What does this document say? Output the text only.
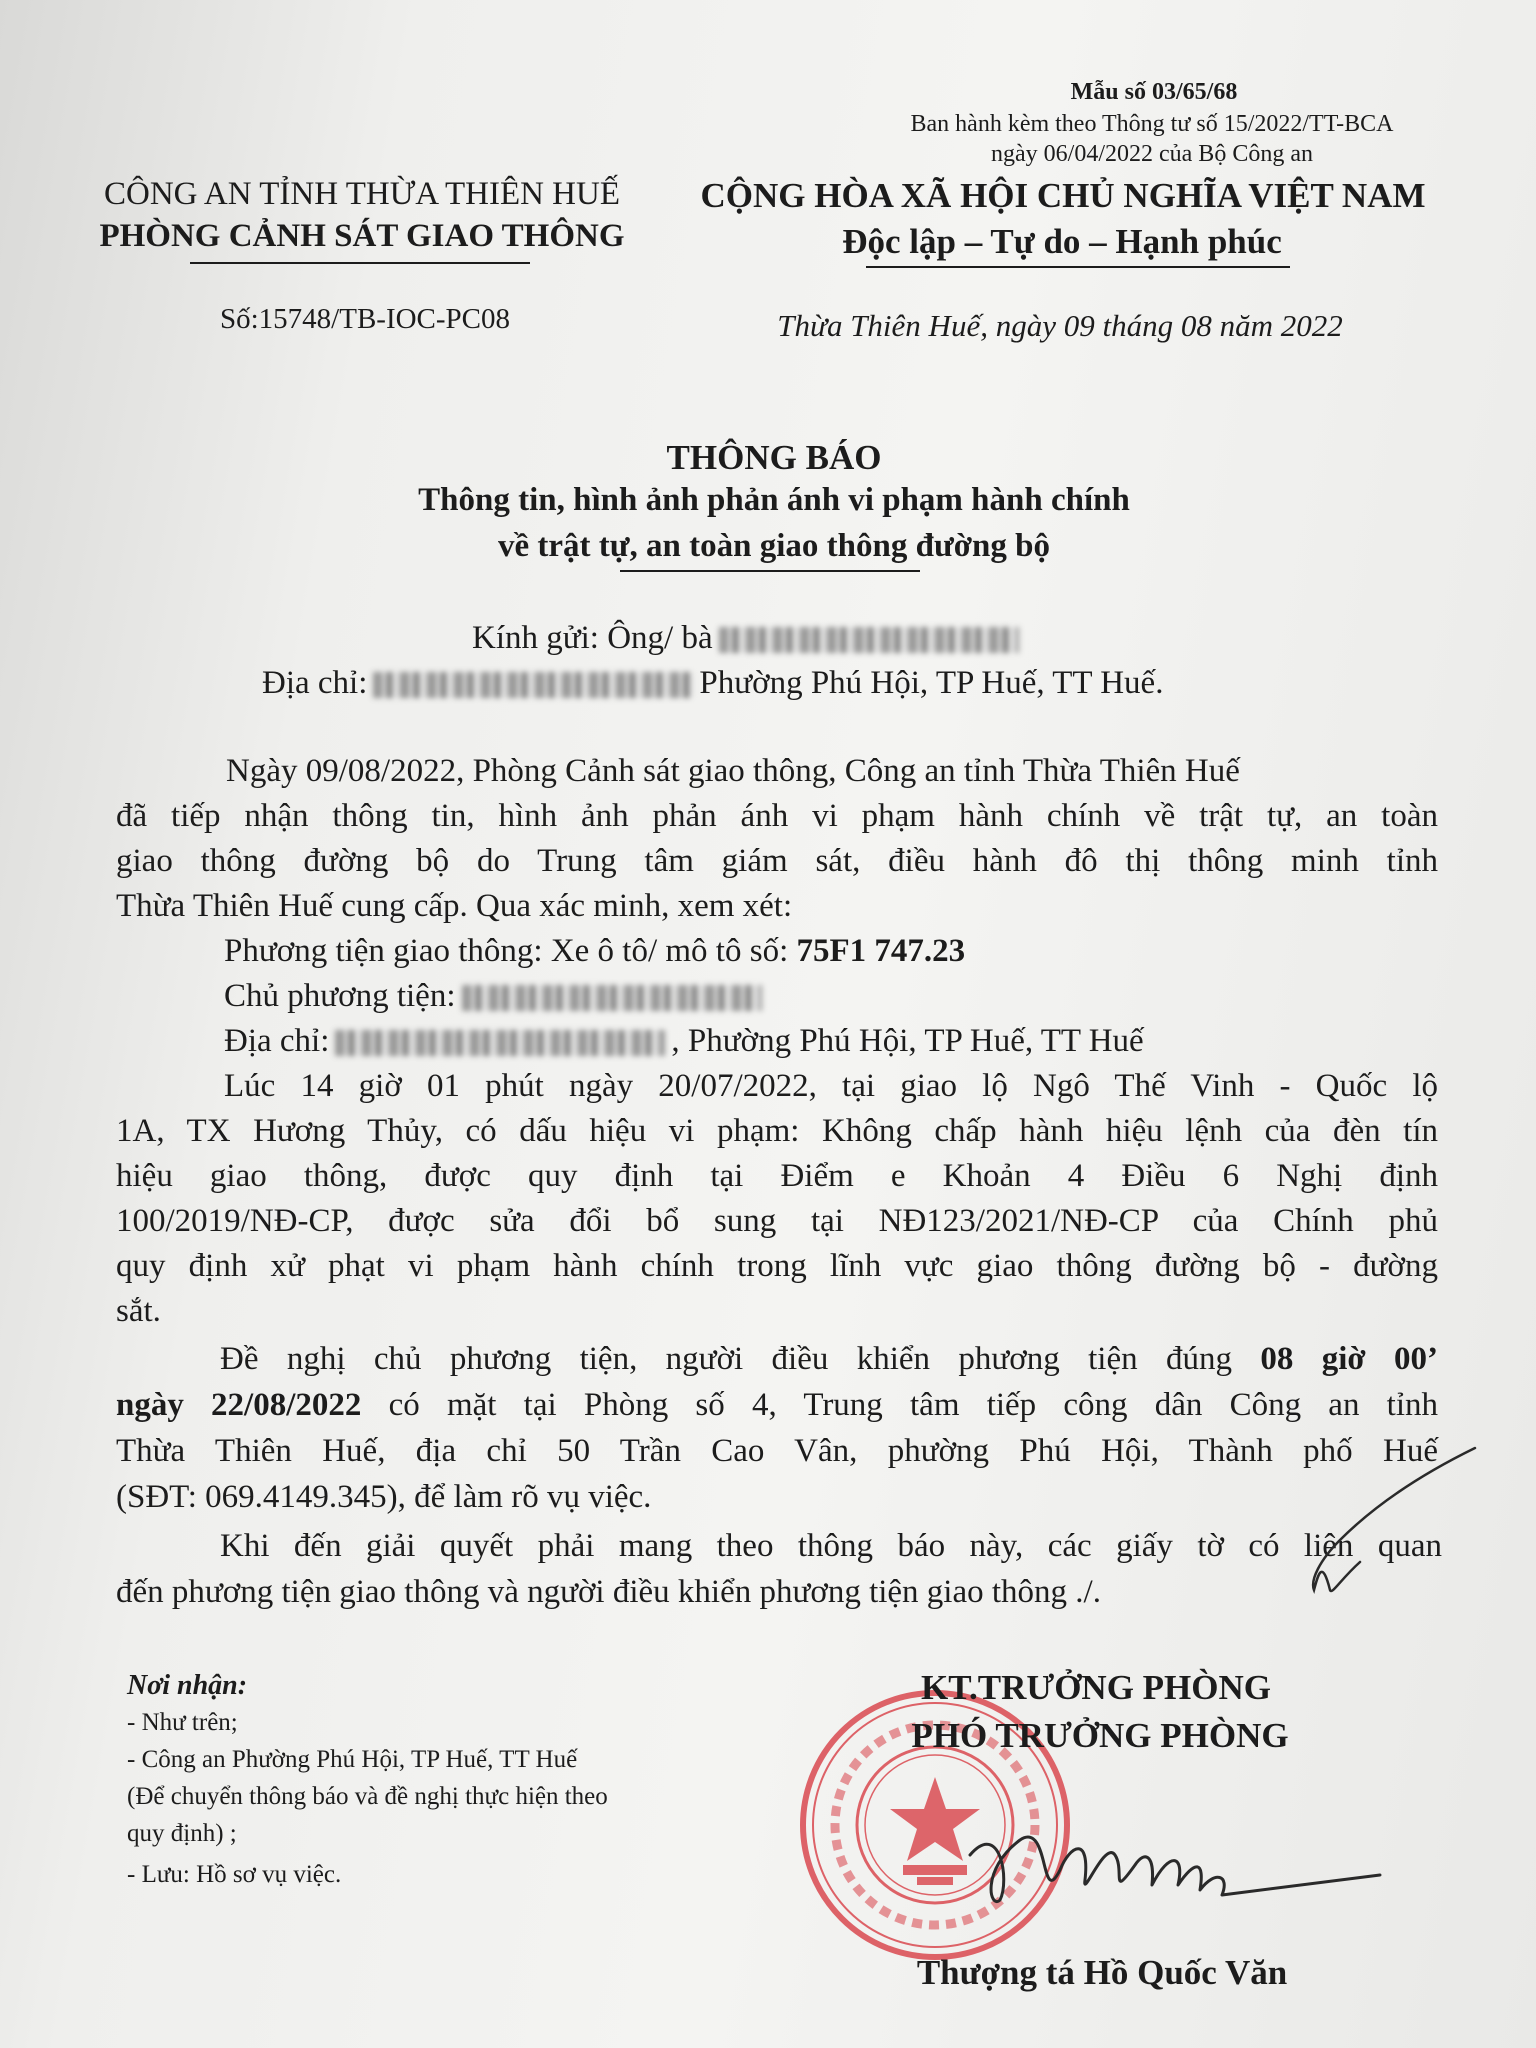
Mẫu số 03/65/68
Ban hành kèm theo Thông tư số 15/2022/TT-BCA
ngày 06/04/2022 của Bộ Công an
CÔNG AN TỈNH THỪA THIÊN HUẾ
PHÒNG CẢNH SÁT GIAO THÔNG
Số:15748/TB-IOC-PC08
CỘNG HÒA XÃ HỘI CHỦ NGHĨA VIỆT NAM
Độc lập – Tự do – Hạnh phúc
Thừa Thiên Huế, ngày 09 tháng 08 năm 2022
THÔNG BÁO
Thông tin, hình ảnh phản ánh vi phạm hành chính
về trật tự, an toàn giao thông đường bộ
Kính gửi: Ông/ bà
Địa chỉ:	Phường Phú Hội, TP Huế, TT Huế.
Ngày 09/08/2022, Phòng Cảnh sát giao thông, Công an tỉnh Thừa Thiên Huế
đã tiếp nhận thông tin, hình ảnh phản ánh vi phạm hành chính về trật tự, an toàn
giao thông đường bộ do Trung tâm giám sát, điều hành đô thị thông minh tỉnh
Thừa Thiên Huế cung cấp. Qua xác minh, xem xét:
Phương tiện giao thông: Xe ô tô/ mô tô số: 75F1 747.23
Chủ phương tiện:
Địa chỉ:	, Phường Phú Hội, TP Huế, TT Huế
Lúc 14 giờ 01 phút ngày 20/07/2022, tại giao lộ Ngô Thế Vinh - Quốc lộ
1A, TX Hương Thủy, có dấu hiệu vi phạm: Không chấp hành hiệu lệnh của đèn tín
hiệu giao thông, được quy định tại Điểm e Khoản 4 Điều 6 Nghị định
100/2019/NĐ-CP, được sửa đổi bổ sung tại NĐ123/2021/NĐ-CP của Chính phủ
quy định xử phạt vi phạm hành chính trong lĩnh vực giao thông đường bộ - đường
sắt.
Đề nghị chủ phương tiện, người điều khiển phương tiện đúng 08 giờ 00’
ngày 22/08/2022 có mặt tại Phòng số 4, Trung tâm tiếp công dân Công an tỉnh
Thừa Thiên Huế, địa chỉ 50 Trần Cao Vân, phường Phú Hội, Thành phố Huế
(SĐT: 069.4149.345), để làm rõ vụ việc.
Khi đến giải quyết phải mang theo thông báo này, các giấy tờ có liên quan
đến phương tiện giao thông và người điều khiển phương tiện giao thông ./.
Nơi nhận:
- Như trên;
- Công an Phường Phú Hội, TP Huế, TT Huế
(Để chuyển thông báo và đề nghị thực hiện theo
quy định) ;
- Lưu: Hồ sơ vụ việc.
KT.TRƯỞNG PHÒNG
PHÓ TRƯỞNG PHÒNG
Thượng tá Hồ Quốc Văn
